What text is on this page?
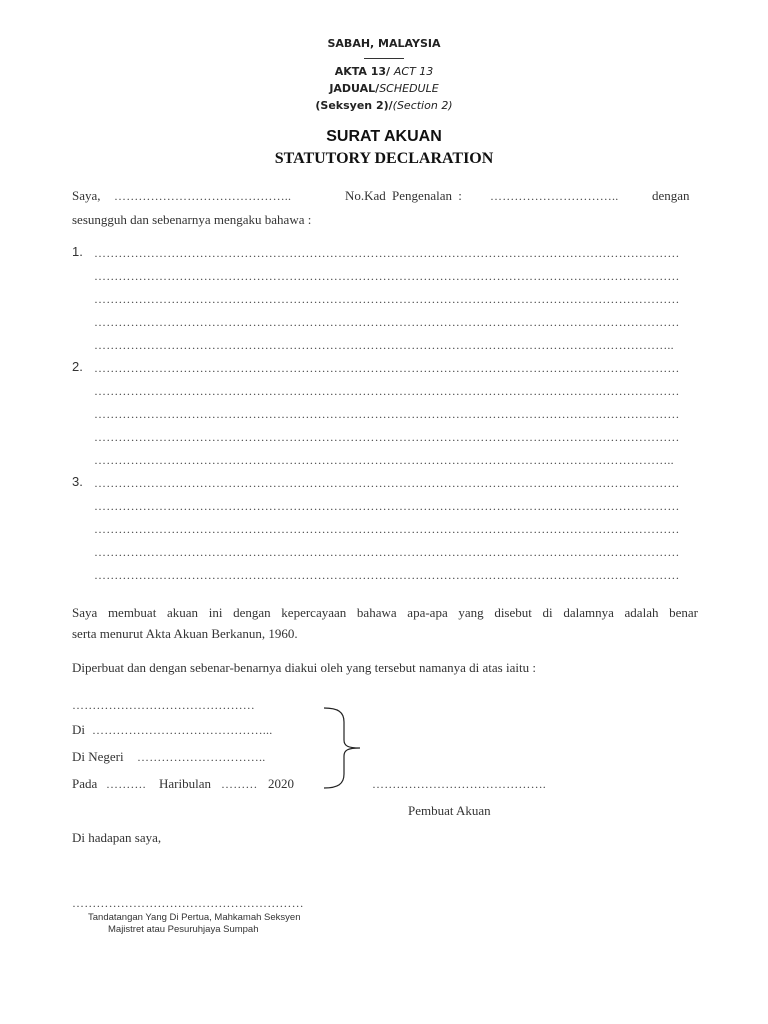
SABAH, MALAYSIA
AKTA 13/ ACT 13
JADUAL/SCHEDULE
(Seksyen 2)/(Section 2)
SURAT AKUAN
STATUTORY DECLARATION
Saya, ……………………………………..	No.Kad Pengenalan : …………………………..	dengan
sesungguh dan sebenarnya mengaku bahawa :
1. ………………………………………………………………………………………………………………………………
………………………………………………………………………………………………………………………………
………………………………………………………………………………………………………………………………
………………………………………………………………………………………………………………………………
……………………………………………………………………………………………………………………………..
2. ………………………………………………………………………………………………………………………………
………………………………………………………………………………………………………………………………
………………………………………………………………………………………………………………………………
………………………………………………………………………………………………………………………………
……………………………………………………………………………………………………………………………..
3. ………………………………………………………………………………………………………………………………
………………………………………………………………………………………………………………………………
………………………………………………………………………………………………………………………………
………………………………………………………………………………………………………………………………
………………………………………………………………………………………………………………………………
Saya membuat akuan ini dengan kepercayaan bahawa apa-apa yang disebut di dalamnya adalah benar
serta menurut Akta Akuan Berkanun, 1960.
Diperbuat dan dengan sebenar-benarnya diakui oleh yang tersebut namanya di atas iaitu :
………………………………………
Di ……………………………………...
Di Negeri …………………………..
Pada ……….	Haribulan ……… 2020	…………………………………….
Pembuat Akuan
Di hadapan saya,
…………………………………………………
Tandatangan Yang Di Pertua, Mahkamah Seksyen
Majistret atau Pesuruhjaya Sumpah
